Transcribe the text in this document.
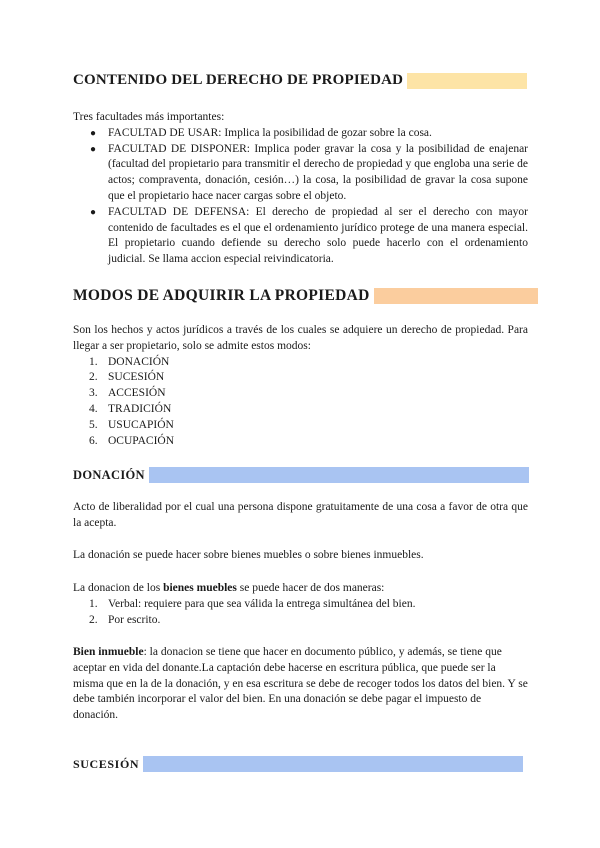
CONTENIDO DEL DERECHO DE PROPIEDAD

Tres facultades más importantes:

● FACULTAD DE USAR: Implica la posibilidad de gozar sobre la cosa.
● FACULTAD DE DISPONER: Implica poder gravar la cosa y la posibilidad de enajenar (facultad del propietario para transmitir el derecho de propiedad y que engloba una serie de actos; compraventa, donación, cesión…) la cosa, la posibilidad de gravar la cosa supone que el propietario hace nacer cargas sobre el objeto.
● FACULTAD DE DEFENSA: El derecho de propiedad al ser el derecho con mayor contenido de facultades es el que el ordenamiento jurídico protege de una manera especial. El propietario cuando defiende su derecho solo puede hacerlo con el ordenamiento judicial. Se llama accion especial reivindicatoria.
MODOS DE ADQUIRIR LA PROPIEDAD

Son los hechos y actos jurídicos a través de los cuales se adquiere un derecho de propiedad. Para llegar a ser propietario, solo se admite estos modos:

1. DONACIÓN
2. SUCESIÓN
3. ACCESIÓN
4. TRADICIÓN
5. USUCAPIÓN
6. OCUPACIÓN
DONACIÓN

Acto de liberalidad por el cual una persona dispone gratuitamente de una cosa a favor de otra que la acepta.

La donación se puede hacer sobre bienes muebles o sobre bienes inmuebles.

La donacion de los bienes muebles se puede hacer de dos maneras:

1. Verbal: requiere para que sea válida la entrega simultánea del bien.
2. Por escrito.

Bien inmueble: la donacion se tiene que hacer en documento público, y además, se tiene que aceptar en vida del donante.La captación debe hacerse en escritura pública, que puede ser la misma que en la de la donación, y en esa escritura se debe de recoger todos los datos del bien. Y se debe también incorporar el valor del bien. En una donación se debe pagar el impuesto de donación.

SUCESIÓN
